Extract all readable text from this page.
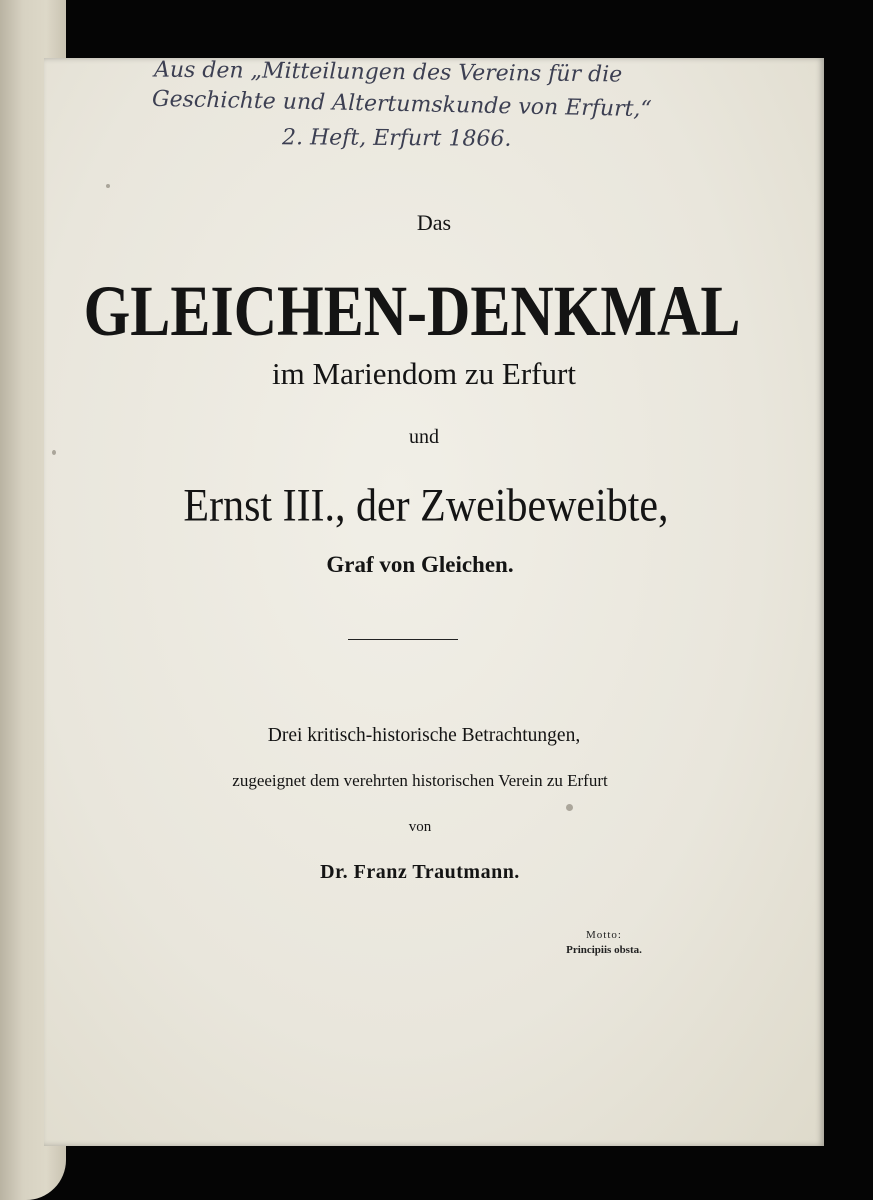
Aus den „Mitteilungen des Vereins für die
Geschichte und Altertumskunde von Erfurt,“
2. Heft, Erfurt 1866.
Das
GLEICHEN-DENKMAL
im Mariendom zu Erfurt
und
Ernst III., der Zweibeweibte,
Graf von Gleichen.
Drei kritisch-historische Betrachtungen,
zugeeignet dem verehrten historischen Verein zu Erfurt
von
Dr. Franz Trautmann.
Motto:
Principiis obsta.
